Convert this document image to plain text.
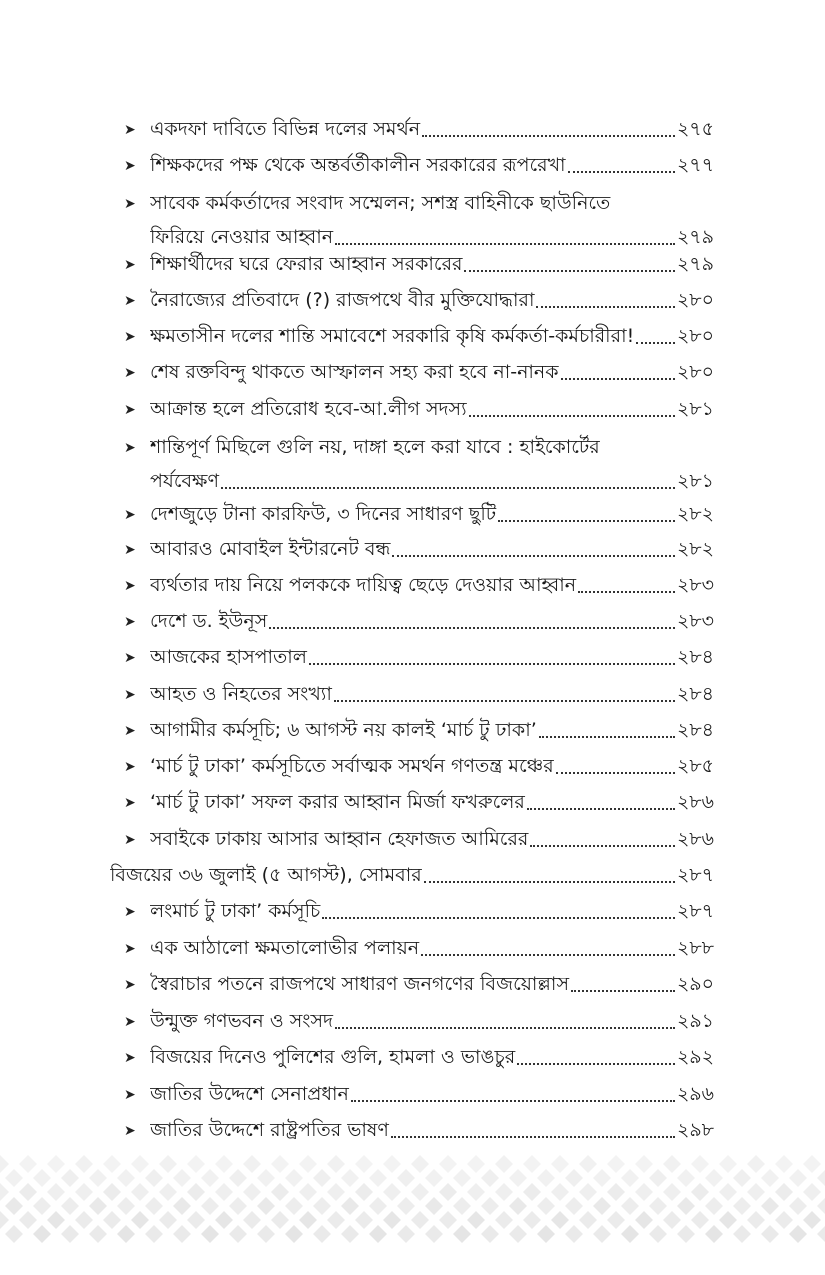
➤ একদফা দাবিতে বিভিন্ন দলের সমর্থন	২৭৫
➤ শিক্ষকদের পক্ষ থেকে অন্তর্বর্তীকালীন সরকারের রূপরেখা	২৭৭
➤ সাবেক কর্মকর্তাদের সংবাদ সম্মেলন; সশস্ত্র বাহিনীকে ছাউনিতে
ফিরিয়ে নেওয়ার আহ্বান	২৭৯
➤ শিক্ষার্থীদের ঘরে ফেরার আহ্বান সরকারের	২৭৯
➤ নৈরাজ্যের প্রতিবাদে (?) রাজপথে বীর মুক্তিযোদ্ধারা	২৮০
➤ ক্ষমতাসীন দলের শান্তি সমাবেশে সরকারি কৃষি কর্মকর্তা-কর্মচারীরা! ২৮০
➤ শেষ রক্তবিন্দু থাকতে আস্ফালন সহ্য করা হবে না-নানক	২৮০
➤ আক্রান্ত হলে প্রতিরোধ হবে-আ.লীগ সদস্য	২৮১
➤ শান্তিপূর্ণ মিছিলে গুলি নয়, দাঙ্গা হলে করা যাবে : হাইকোর্টের
পর্যবেক্ষণ	২৮১
➤ দেশজুড়ে টানা কারফিউ, ৩ দিনের সাধারণ ছুটি	২৮২
➤ আবারও মোবাইল ইন্টারনেট বন্ধ	২৮২
➤ ব্যর্থতার দায় নিয়ে পলককে দায়িত্ব ছেড়ে দেওয়ার আহ্বান	২৮৩
➤ দেশে ড. ইউনূস	২৮৩
➤ আজকের হাসপাতাল	২৮৪
➤ আহত ও নিহতের সংখ্যা	২৮৪
➤ আগামীর কর্মসূচি; ৬ আগস্ট নয় কালই ‘মার্চ টু ঢাকা’	২৮৪
➤ ‘মার্চ টু ঢাকা’ কর্মসূচিতে সর্বাত্মক সমর্থন গণতন্ত্র মঞ্চের	২৮৫
➤ ‘মার্চ টু ঢাকা’ সফল করার আহ্বান মির্জা ফখরুলের	২৮৬
➤ সবাইকে ঢাকায় আসার আহ্বান হেফাজত আমিরের	২৮৬
বিজয়ের ৩৬ জুলাই (৫ আগস্ট), সোমবার	২৮৭
➤ লংমার্চ টু ঢাকা’ কর্মসূচি	২৮৭
➤ এক আঠালো ক্ষমতালোভীর পলায়ন	২৮৮
➤ স্বৈরাচার পতনে রাজপথে সাধারণ জনগণের বিজয়োল্লাস	২৯০
➤ উন্মুক্ত গণভবন ও সংসদ	২৯১
➤ বিজয়ের দিনেও পুলিশের গুলি, হামলা ও ভাঙচুর	২৯২
➤ জাতির উদ্দেশে সেনাপ্রধান	২৯৬
➤ জাতির উদ্দেশে রাষ্ট্রপতির ভাষণ	২৯৮
